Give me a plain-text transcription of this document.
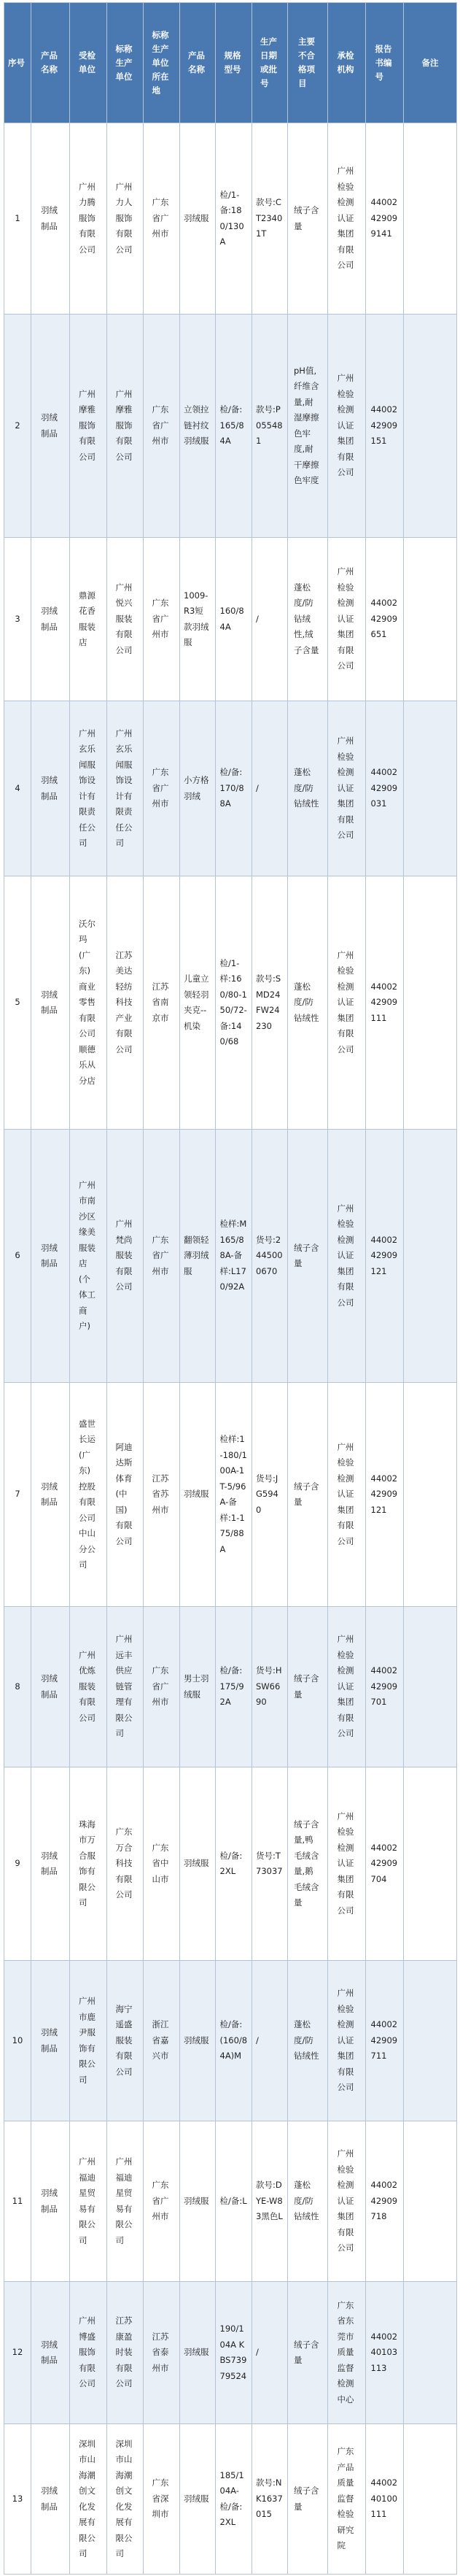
序号	产品名称	受检单位	标称生产单位	标称生产单位所在地	产品名称	规格型号	生产日期或批号	主要不合格项目	承检机构	报告书编号	备注
1	羽绒制品	广州力腾服饰有限公司	广州力人服饰有限公司	广东省广州市	羽绒服	检/1-备:180/130A	款号:CT23401T	绒子含量	广州检验检测认证集团有限公司	44002429099141	

2	羽绒制品	广州摩雅服饰有限公司	广州摩雅服饰有限公司	广东省广州市	立领拉链衬纹羽绒服	检/备:165/84A	款号:P055481	pH值,纤维含量,耐湿摩擦色牢度,耐干摩擦色牢度	广州检验检测认证集团有限公司	4400242909151	

3	羽绒制品	鼎源花香服装店	广州悦兴服装有限公司	广东省广州市	1009-R3短款羽绒服	160/84A	/	蓬松度/防钻绒性,绒子含量	广州检验检测认证集团有限公司	4400242909651	

4	羽绒制品	广州玄乐闻服饰设计有限责任公司	广州玄乐闻服饰设计有限责任公司	广东省广州市	小方格羽绒	检/备:170/88A	/	蓬松度/防钻绒性	广州检验检测认证集团有限公司	4400242909031	

5	羽绒制品	沃尔玛(广东)商业零售有限公司顺德乐从分店	江苏美达轻纺科技产业有限公司	江苏省南京市	儿童立领轻羽夹克--机染	检/1-样:160/80-150/72-备:140/68	款号:SMD24FW24230	蓬松度/防钻绒性	广州检验检测认证集团有限公司	4400242909111	

6	羽绒制品	广州市南沙区缘美服装店(个体工商户)	广州梵尚服装有限公司	广东省广州市	翻领轻薄羽绒服	检样:M165/88A-备样:L170/92A	货号:2445000670	绒子含量	广州检验检测认证集团有限公司	4400242909121	

7	羽绒制品	盛世长运(广东)控股有限公司中山分公司	阿迪达斯体育(中国)有限公司	江苏省苏州市	羽绒服	检样:1-180/100A-1T-5/96A-备样:1-175/88A	货号:JG5940	绒子含量	广州检验检测认证集团有限公司	4400242909121	

8	羽绒制品	广州优炼服装有限公司	广州远丰供应链管理有限公司	广东省广州市	男士羽绒服	检/备:175/92A	货号:HSW6690	绒子含量	广州检验检测认证集团有限公司	4400242909701	

9	羽绒制品	珠海市万合服饰有限公司	广东万合科技有限公司	广东省中山市	羽绒服	检/备:2XL	货号:T73037	绒子含量,鸭毛绒含量,鹅毛绒含量	广州检验检测认证集团有限公司	4400242909704	

10	羽绒制品	广州市鹿尹服饰有限公司	海宁遥盛服装有限公司	浙江省嘉兴市	羽绒服	检/备:(160/84A)M	/	蓬松度/防钻绒性	广州检验检测认证集团有限公司	4400242909711	

11	羽绒制品	广州福迪星贸易有限公司	广州福迪星贸易有限公司	广东省广州市	羽绒服	检/备:L	款号:DYE-W83黑色L	蓬松度/防钻绒性	广州检验检测认证集团有限公司	4400242909718	

12	羽绒制品	广州博盛服饰有限公司	江苏康盈时装有限公司	江苏省泰州市	羽绒服	190/104A KBS73979524	/	绒子含量	广东省东莞市质量监督检测中心	4400240103113	

13	羽绒制品	深圳市山海潮创文化发展有限公司	深圳市山海潮创文化发展有限公司	广东省深圳市	羽绒服	185/104A-检/备:2XL	款号:NK1637015	绒子含量	广东产品质量监督检验研究院	4400240100111	
